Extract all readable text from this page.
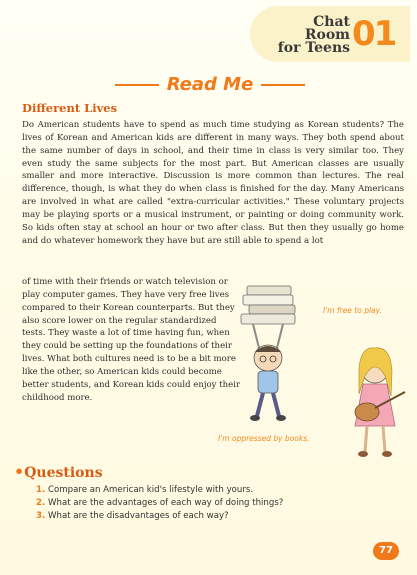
Chat Room
for Teens 01
Read Me
Different Lives
Do American students have to spend as much time studying as Korean students? The lives of Korean and American kids are different in many ways. They both spend about the same number of days in school, and their time in class is very similar too. They even study the same subjects for the most part. But American classes are usually smaller and more interactive. Discussion is more common than lectures. The real difference, though, is what they do when class is finished for the day. Many Americans are involved in what are called "extra-curricular activities." These voluntary projects may be playing sports or a musical instrument, or painting or doing community work. So kids often stay at school an hour or two after class. But then they usually go home and do whatever homework they have but are still able to spend a lot
of time with their friends or watch television or play computer games. They have very free lives compared to their Korean counterparts. But they also score lower on the regular standardized tests. They waste a lot of time having fun, when they could be setting up the foundations of their lives. What both cultures need is to be a bit more like the other, so American kids could become better students, and Korean kids could enjoy their childhood more.
I'm free to play.
I'm oppressed by books.
•Questions
1. Compare an American kid's lifestyle with yours.
2. What are the advantages of each way of doing things?
3. What are the disadvantages of each way?
77
